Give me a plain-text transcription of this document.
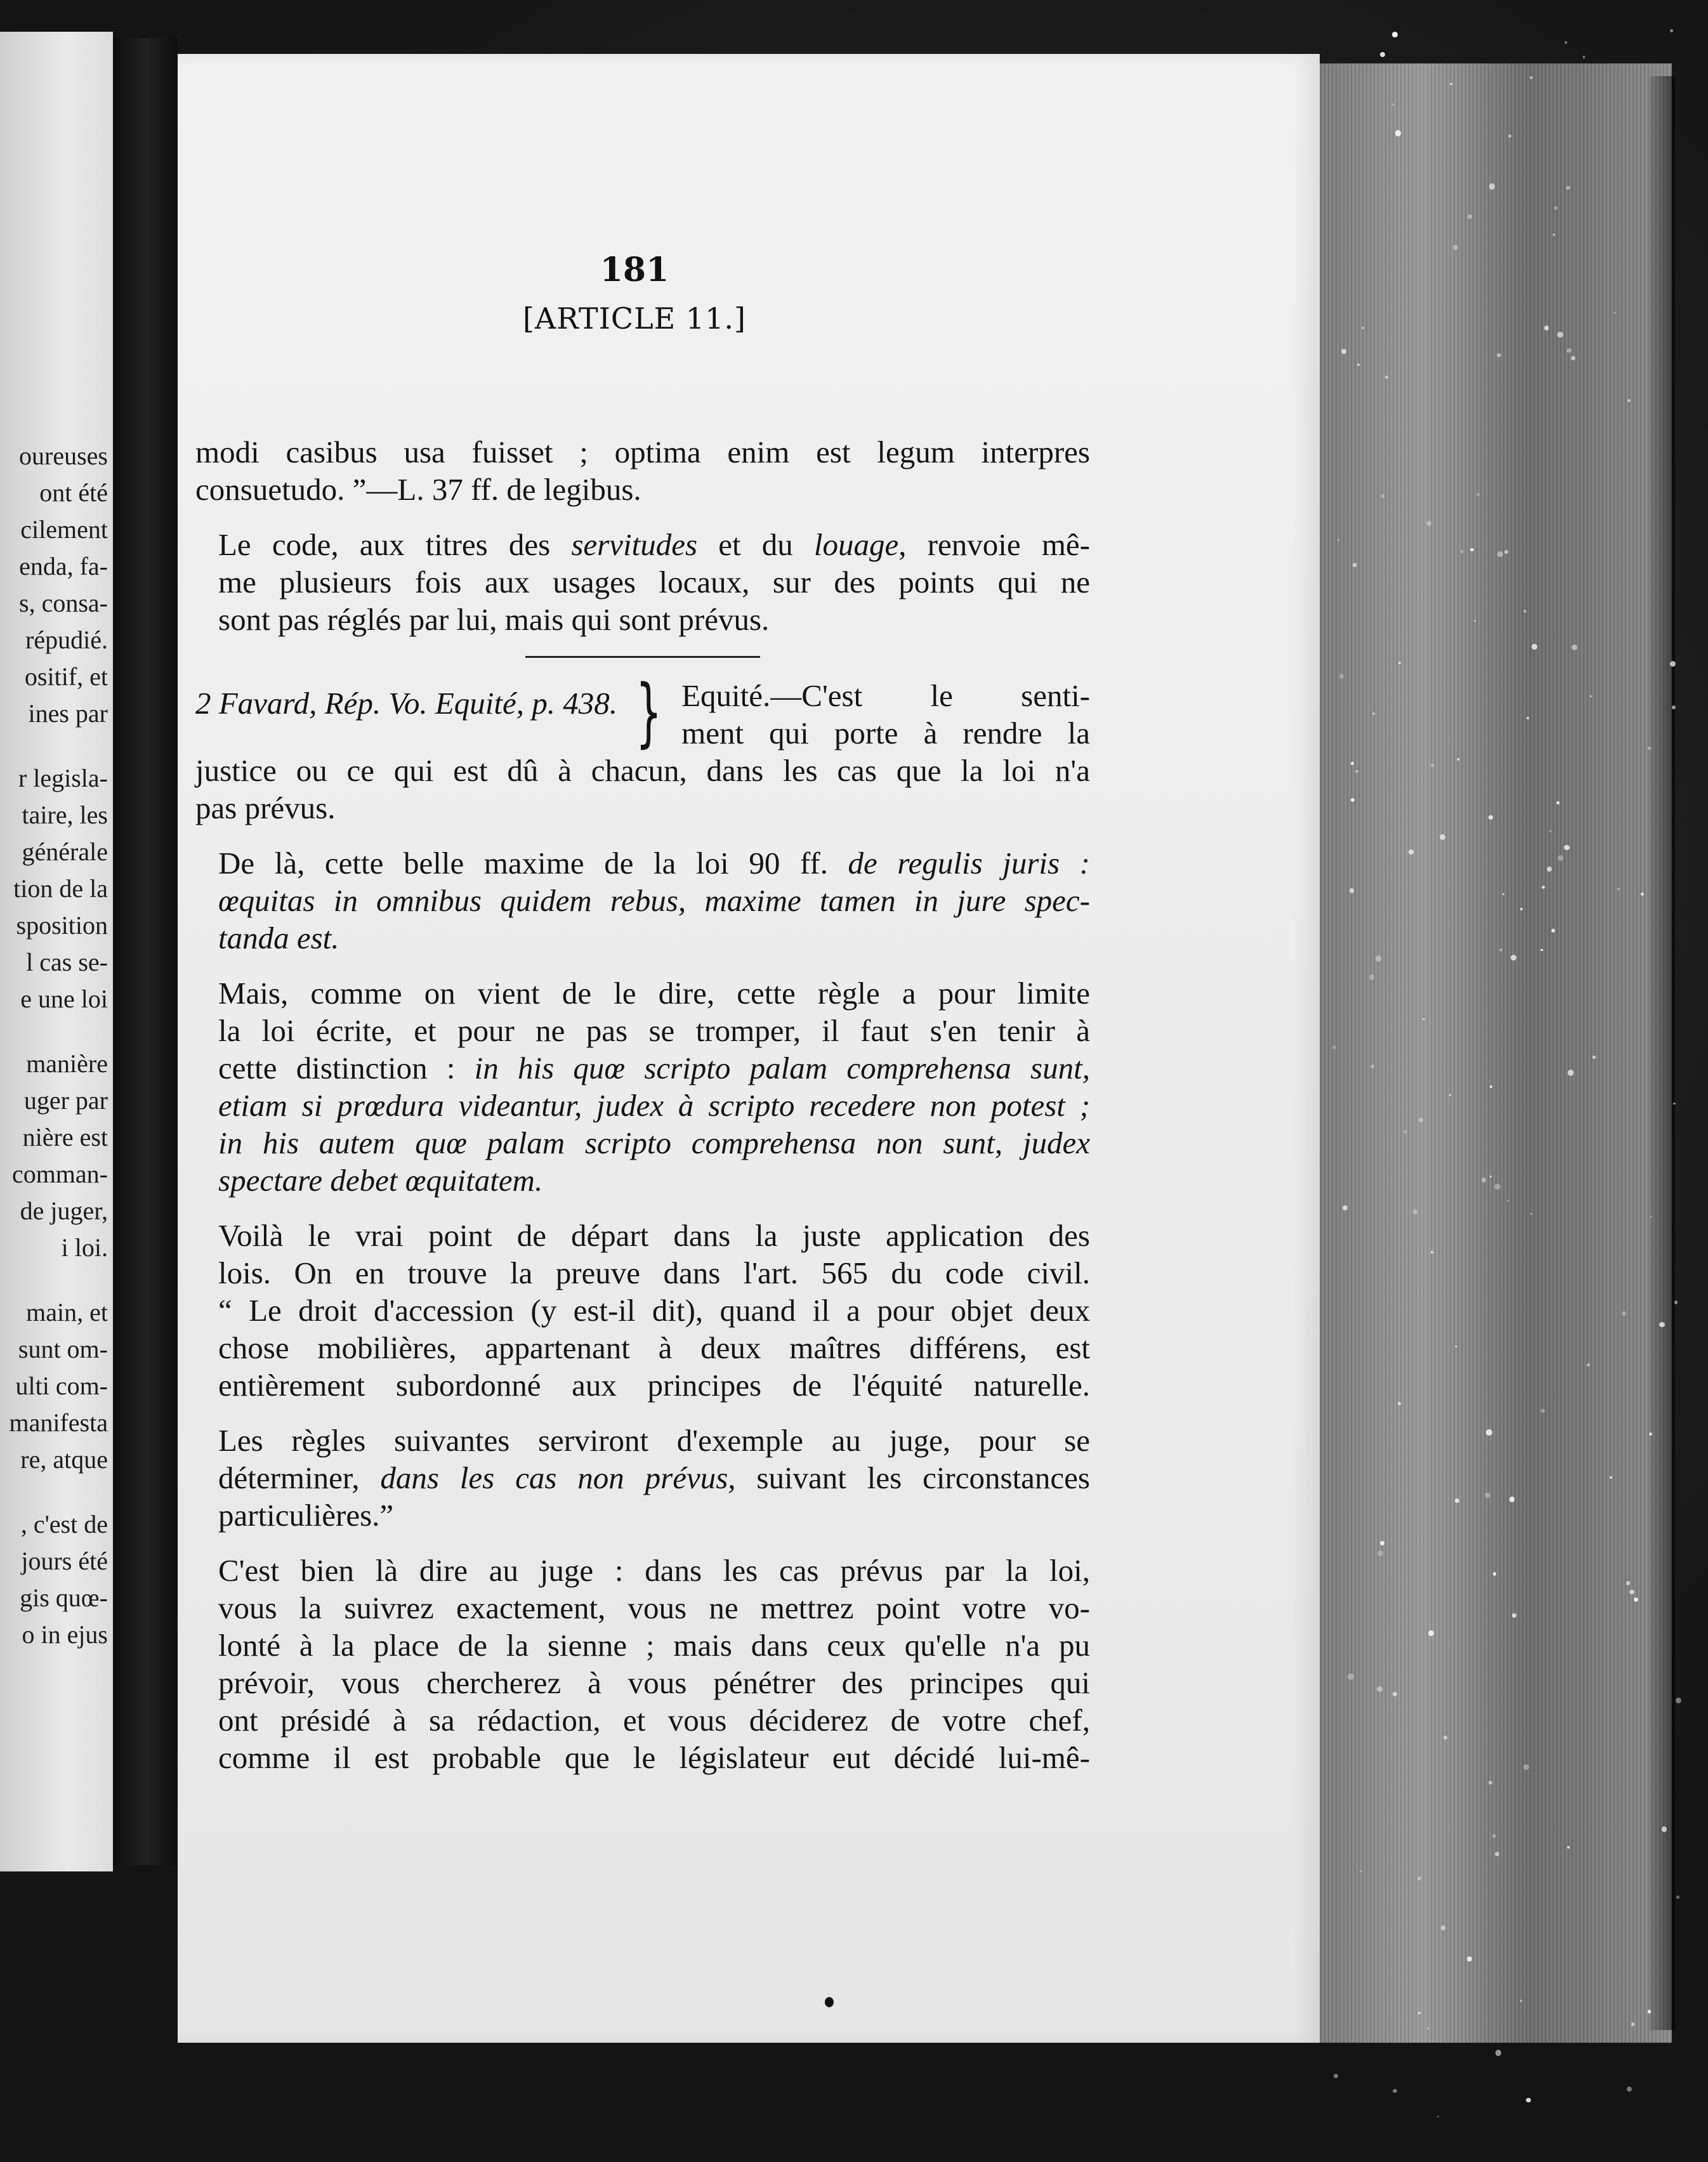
oureuses
ont été
cilement
enda, fa-
s, consa-
répudié.
ositif, et
ines par
r legisla-
taire, les
générale
tion de la
sposition
l cas se-
e une loi
manière
uger par
nière est
comman-
de juger,
i loi.
main, et
sunt om-
ulti com-
manifesta
re, atque
, c'est de
jours été
gis quœ-
o in ejus
181
[ARTICLE 11.]

modi casibus usa fuisset ; optima enim est legum interpres
consuetudo. ”—L. 37 ff. de legibus.

Le code, aux titres des servitudes et du louage, renvoie mê-
me plusieurs fois aux usages locaux, sur des points qui ne
sont pas réglés par lui, mais qui sont prévus.

2 Favard, Rép. Vo. Equité, p. 438. } Equité.—C'est le senti-
ment qui porte à rendre la

justice ou ce qui est dû à chacun, dans les cas que la loi n'a
pas prévus.

De là, cette belle maxime de la loi 90 ff. de regulis juris :
œquitas in omnibus quidem rebus, maxime tamen in jure spec-
tanda est.

Mais, comme on vient de le dire, cette règle a pour limite
la loi écrite, et pour ne pas se tromper, il faut s'en tenir à
cette distinction : in his quœ scripto palam comprehensa sunt,
etiam si prœdura videantur, judex à scripto recedere non potest ;
in his autem quœ palam scripto comprehensa non sunt, judex
spectare debet œquitatem.

Voilà le vrai point de départ dans la juste application des
lois. On en trouve la preuve dans l'art. 565 du code civil.
“ Le droit d'accession (y est-il dit), quand il a pour objet deux
chose mobilières, appartenant à deux maîtres différens, est
entièrement subordonné aux principes de l'équité naturelle.

Les règles suivantes serviront d'exemple au juge, pour se
déterminer, dans les cas non prévus, suivant les circonstances
particulières.”

C'est bien là dire au juge : dans les cas prévus par la loi,
vous la suivrez exactement, vous ne mettrez point votre vo-
lonté à la place de la sienne ; mais dans ceux qu'elle n'a pu
prévoir, vous chercherez à vous pénétrer des principes qui
ont présidé à sa rédaction, et vous déciderez de votre chef,
comme il est probable que le législateur eut décidé lui-mê-
